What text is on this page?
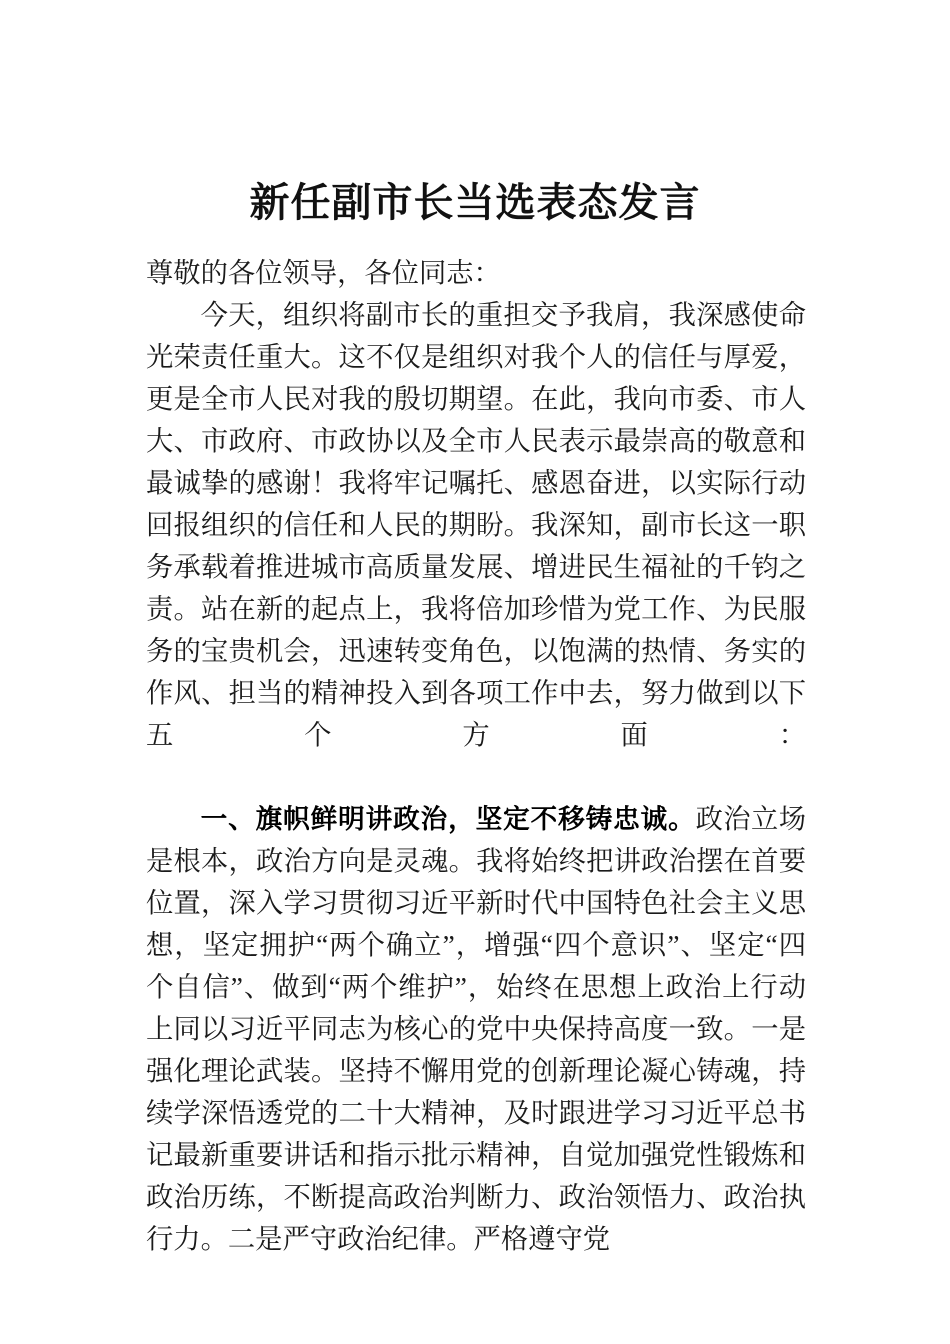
新任副市长当选表态发言

尊敬的各位领导，各位同志：

今天，组织将副市长的重担交予我肩，我深感使命光荣责任重大。这不仅是组织对我个人的信任与厚爱，更是全市人民对我的殷切期望。在此，我向市委、市人大、市政府、市政协以及全市人民表示最崇高的敬意和最诚挚的感谢！我将牢记嘱托、感恩奋进，以实际行动回报组织的信任和人民的期盼。我深知，副市长这一职务承载着推进城市高质量发展、增进民生福祉的千钧之责。站在新的起点上，我将倍加珍惜为党工作、为民服务的宝贵机会，迅速转变角色，以饱满的热情、务实的作风、担当的精神投入到各项工作中去，努力做到以下五个方面：

一、旗帜鲜明讲政治，坚定不移铸忠诚。政治立场是根本，政治方向是灵魂。我将始终把讲政治摆在首要位置，深入学习贯彻习近平新时代中国特色社会主义思想，坚定拥护“两个确立”，增强“四个意识”、坚定“四个自信”、做到“两个维护”，始终在思想上政治上行动上同以习近平同志为核心的党中央保持高度一致。一是强化理论武装。坚持不懈用党的创新理论凝心铸魂，持续学深悟透党的二十大精神，及时跟进学习习近平总书记最新重要讲话和指示批示精神，自觉加强党性锻炼和政治历练，不断提高政治判断力、政治领悟力、政治执行力。二是严守政治纪律。严格遵守党
